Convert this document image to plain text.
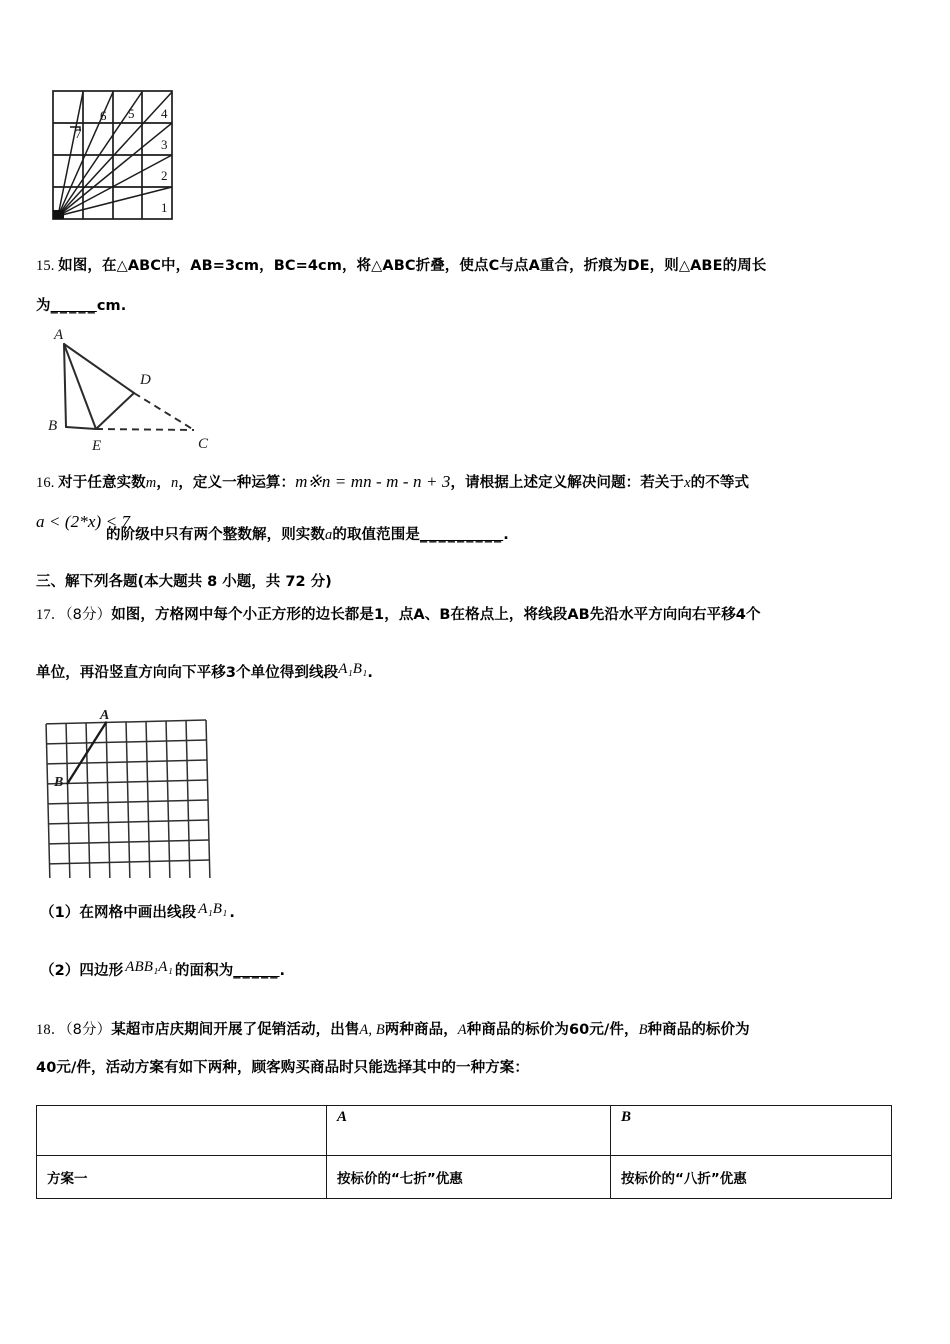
1
2
3
4
5
6
7
15. 如图，在△ABC中，AB=3cm，BC=4cm，将△ABC折叠，使点C与点A重合，折痕为DE，则△ABE的周长
为_____cm.
A
B
C
D
E
16. 对于任意实数m，n，定义一种运算：m※n = mn - m - n + 3，请根据上述定义解决问题：若关于x的不等式
a < (2*x) < 7
的阶级中只有两个整数解，则实数a的取值范围是_________.
三、解下列各题(本大题共 8 小题，共 72 分)
17．（8分）如图，方格网中每个小正方形的边长都是1，点A、B在格点上，将线段AB先沿水平方向向右平移4个
单位，再沿竖直方向向下平移3个单位得到线段A₁B₁.
A
B
（1）在网格中画出线段 A₁B₁ .
（2）四边形 ABB₁A₁ 的面积为_____.
18．（8分）某超市店庆期间开展了促销活动，出售A, B两种商品，A种商品的标价为60元/件，B种商品的标价为
40元/件，活动方案有如下两种，顾客购买商品时只能选择其中的一种方案：
	A	B
方案一	按标价的“七折”优惠	按标价的“八折”优惠
